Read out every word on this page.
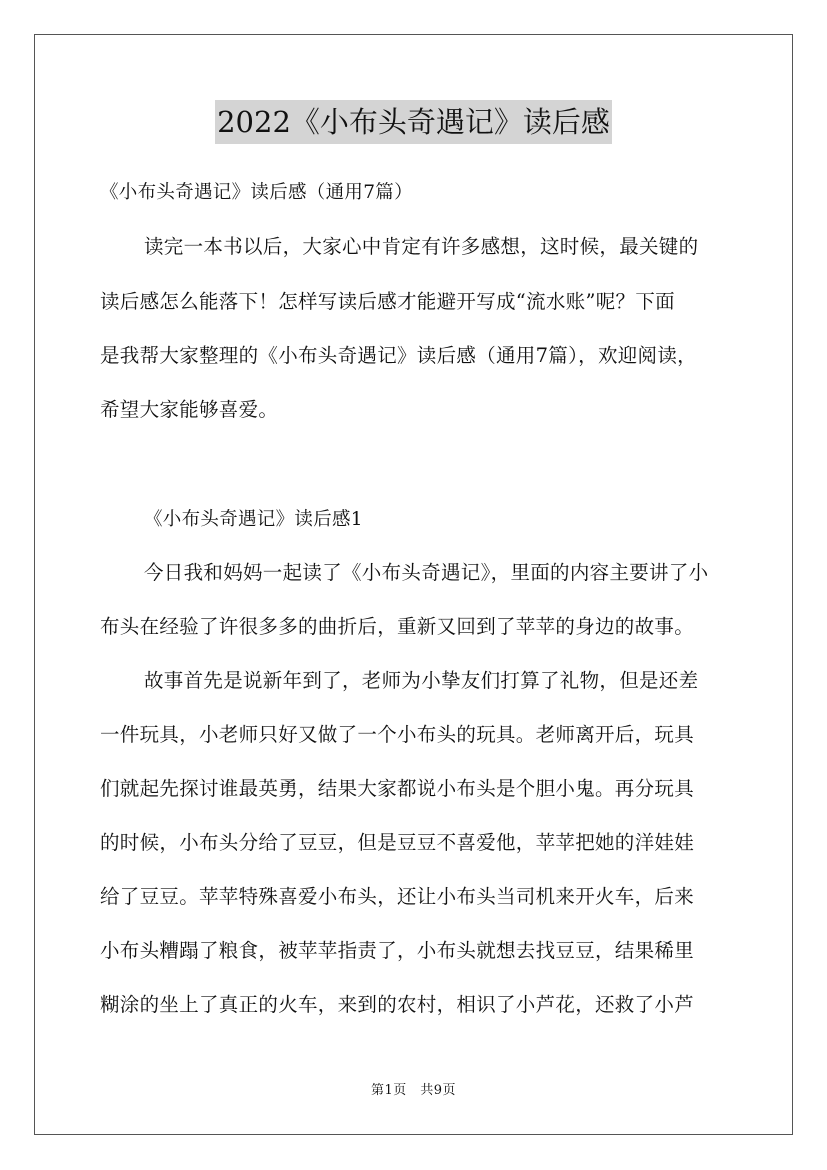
2022《小布头奇遇记》读后感
《小布头奇遇记》读后感（通用7篇）
读完一本书以后，大家心中肯定有许多感想，这时候，最关键的
读后感怎么能落下！怎样写读后感才能避开写成“流水账”呢？下面
是我帮大家整理的《小布头奇遇记》读后感（通用7篇），欢迎阅读，
希望大家能够喜爱。
《小布头奇遇记》读后感1
今日我和妈妈一起读了《小布头奇遇记》，里面的内容主要讲了小
布头在经验了许很多多的曲折后，重新又回到了苹苹的身边的故事。
故事首先是说新年到了，老师为小挚友们打算了礼物，但是还差
一件玩具，小老师只好又做了一个小布头的玩具。老师离开后，玩具
们就起先探讨谁最英勇，结果大家都说小布头是个胆小鬼。再分玩具
的时候，小布头分给了豆豆，但是豆豆不喜爱他，苹苹把她的洋娃娃
给了豆豆。苹苹特殊喜爱小布头，还让小布头当司机来开火车，后来
小布头糟蹋了粮食，被苹苹指责了，小布头就想去找豆豆，结果稀里
糊涂的坐上了真正的火车，来到的农村，相识了小芦花，还救了小芦
第1页　共9页
